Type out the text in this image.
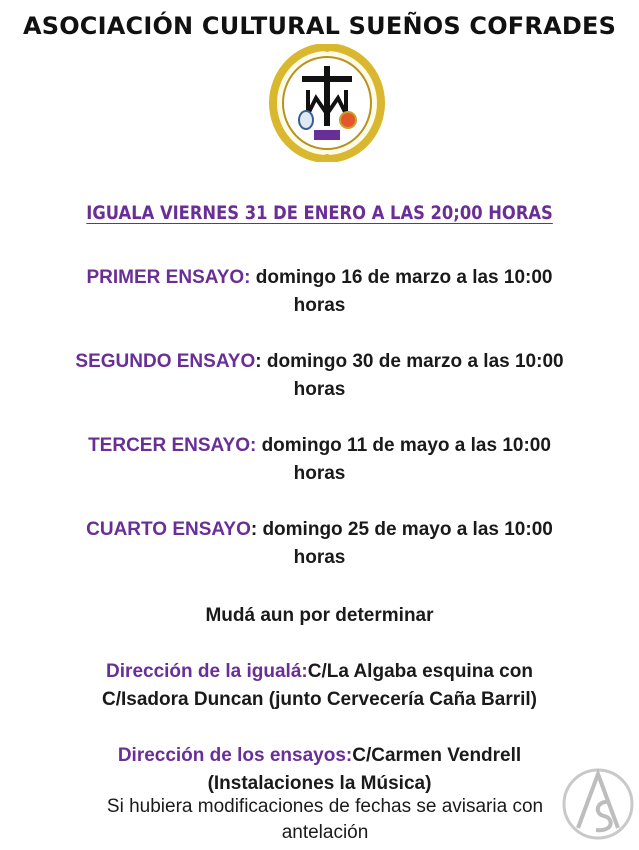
ASOCIACIÓN CULTURAL SUEÑOS COFRADES
IGUALA VIERNES 31 DE ENERO A LAS 20;00 HORAS
PRIMER ENSAYO: domingo 16 de marzo a las 10:00
horas
SEGUNDO ENSAYO: domingo 30 de marzo a las 10:00
horas
TERCER ENSAYO: domingo 11 de mayo a las 10:00
horas
CUARTO ENSAYO: domingo 25 de mayo a las 10:00
horas
Mudá aun por determinar
Dirección de la igualá:C/La Algaba esquina con
C/Isadora Duncan (junto Cervecería Caña Barril)
Dirección de los ensayos:C/Carmen Vendrell
(Instalaciones la Música)
Si hubiera modificaciones de fechas se avisaria con
antelación
